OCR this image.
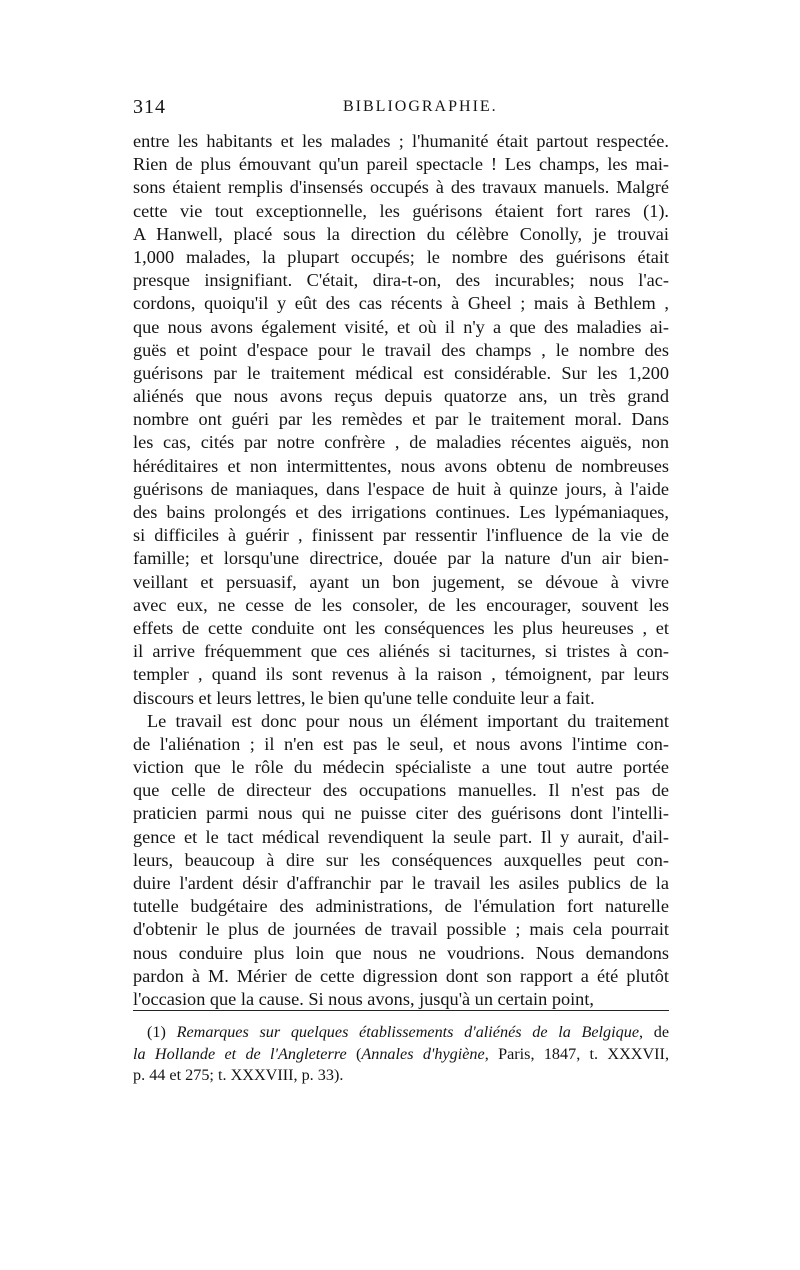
314	BIBLIOGRAPHIE.
entre les habitants et les malades ; l'humanité était partout respectée.
Rien de plus émouvant qu'un pareil spectacle ! Les champs, les mai-
sons étaient remplis d'insensés occupés à des travaux manuels. Malgré
cette vie tout exceptionnelle, les guérisons étaient fort rares (1).
A Hanwell, placé sous la direction du célèbre Conolly, je trouvai
1,000 malades, la plupart occupés; le nombre des guérisons était
presque insignifiant. C'était, dira-t-on, des incurables; nous l'ac-
cordons, quoiqu'il y eût des cas récents à Gheel ; mais à Bethlem ,
que nous avons également visité, et où il n'y a que des maladies ai-
guës et point d'espace pour le travail des champs , le nombre des
guérisons par le traitement médical est considérable. Sur les 1,200
aliénés que nous avons reçus depuis quatorze ans, un très grand
nombre ont guéri par les remèdes et par le traitement moral. Dans
les cas, cités par notre confrère , de maladies récentes aiguës, non
héréditaires et non intermittentes, nous avons obtenu de nombreuses
guérisons de maniaques, dans l'espace de huit à quinze jours, à l'aide
des bains prolongés et des irrigations continues. Les lypémaniaques,
si difficiles à guérir , finissent par ressentir l'influence de la vie de
famille; et lorsqu'une directrice, douée par la nature d'un air bien-
veillant et persuasif, ayant un bon jugement, se dévoue à vivre
avec eux, ne cesse de les consoler, de les encourager, souvent les
effets de cette conduite ont les conséquences les plus heureuses , et
il arrive fréquemment que ces aliénés si taciturnes, si tristes à con-
templer , quand ils sont revenus à la raison , témoignent, par leurs
discours et leurs lettres, le bien qu'une telle conduite leur a fait.
Le travail est donc pour nous un élément important du traitement
de l'aliénation ; il n'en est pas le seul, et nous avons l'intime con-
viction que le rôle du médecin spécialiste a une tout autre portée
que celle de directeur des occupations manuelles. Il n'est pas de
praticien parmi nous qui ne puisse citer des guérisons dont l'intelli-
gence et le tact médical revendiquent la seule part. Il y aurait, d'ail-
leurs, beaucoup à dire sur les conséquences auxquelles peut con-
duire l'ardent désir d'affranchir par le travail les asiles publics de la
tutelle budgétaire des administrations, de l'émulation fort naturelle
d'obtenir le plus de journées de travail possible ; mais cela pourrait
nous conduire plus loin que nous ne voudrions. Nous demandons
pardon à M. Mérier de cette digression dont son rapport a été plutôt
l'occasion que la cause. Si nous avons, jusqu'à un certain point,
(1) Remarques sur quelques établissements d'aliénés de la Belgique, de
la Hollande et de l'Angleterre (Annales d'hygiène, Paris, 1847, t. XXXVII,
p. 44 et 275; t. XXXVIII, p. 33).
